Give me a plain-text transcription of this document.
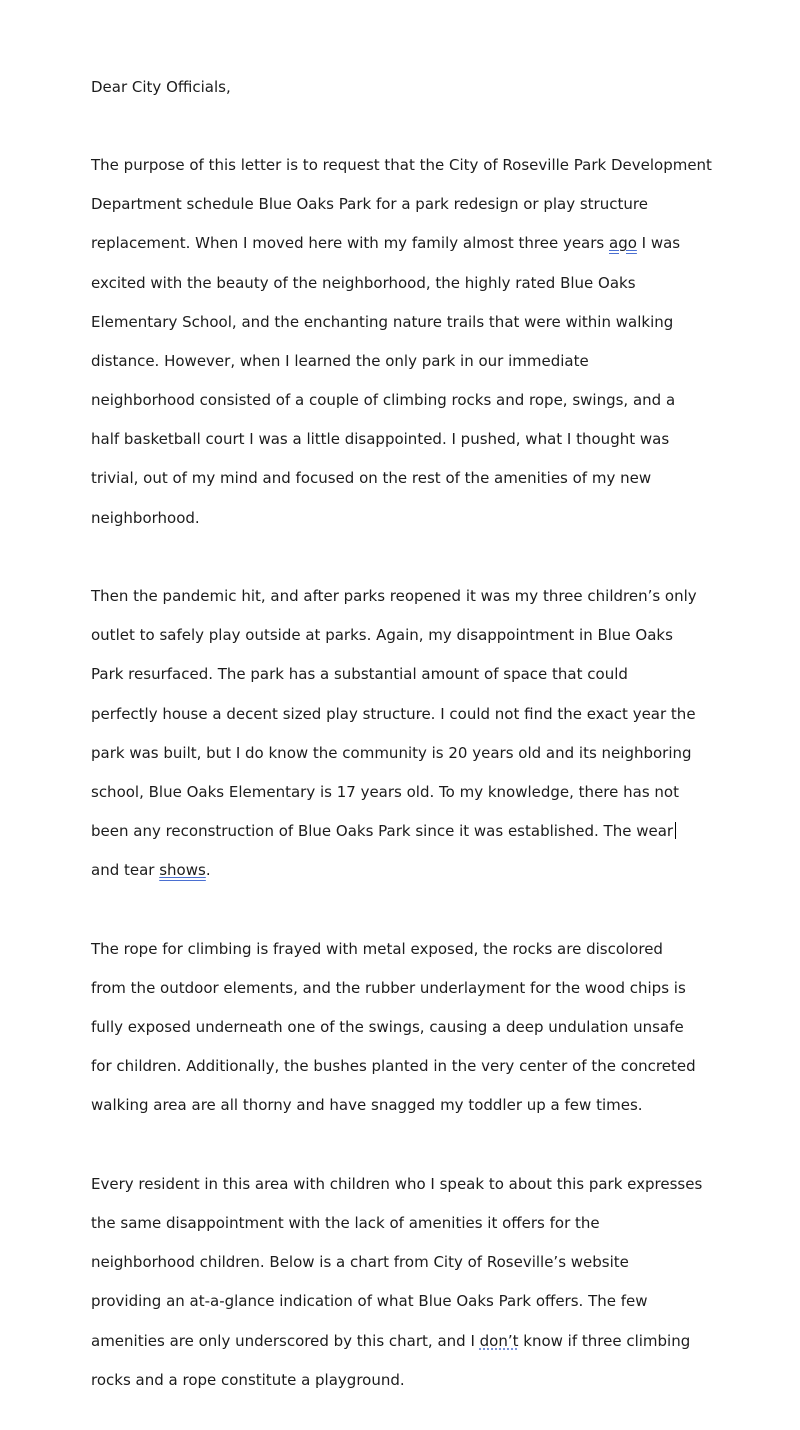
Dear City Officials,

The purpose of this letter is to request that the City of Roseville Park Development

Department schedule Blue Oaks Park for a park redesign or play structure

replacement. When I moved here with my family almost three years ago I was

excited with the beauty of the neighborhood, the highly rated Blue Oaks

Elementary School, and the enchanting nature trails that were within walking

distance. However, when I learned the only park in our immediate

neighborhood consisted of a couple of climbing rocks and rope, swings, and a

half basketball court I was a little disappointed. I pushed, what I thought was

trivial, out of my mind and focused on the rest of the amenities of my new

neighborhood.

Then the pandemic hit, and after parks reopened it was my three children’s only

outlet to safely play outside at parks. Again, my disappointment in Blue Oaks

Park resurfaced. The park has a substantial amount of space that could

perfectly house a decent sized play structure. I could not find the exact year the

park was built, but I do know the community is 20 years old and its neighboring

school, Blue Oaks Elementary is 17 years old. To my knowledge, there has not

been any reconstruction of Blue Oaks Park since it was established. The wear

and tear shows.

The rope for climbing is frayed with metal exposed, the rocks are discolored

from the outdoor elements, and the rubber underlayment for the wood chips is

fully exposed underneath one of the swings, causing a deep undulation unsafe

for children. Additionally, the bushes planted in the very center of the concreted

walking area are all thorny and have snagged my toddler up a few times.

Every resident in this area with children who I speak to about this park expresses

the same disappointment with the lack of amenities it offers for the

neighborhood children. Below is a chart from City of Roseville’s website

providing an at-a-glance indication of what Blue Oaks Park offers. The few

amenities are only underscored by this chart, and I don’t know if three climbing

rocks and a rope constitute a playground.
